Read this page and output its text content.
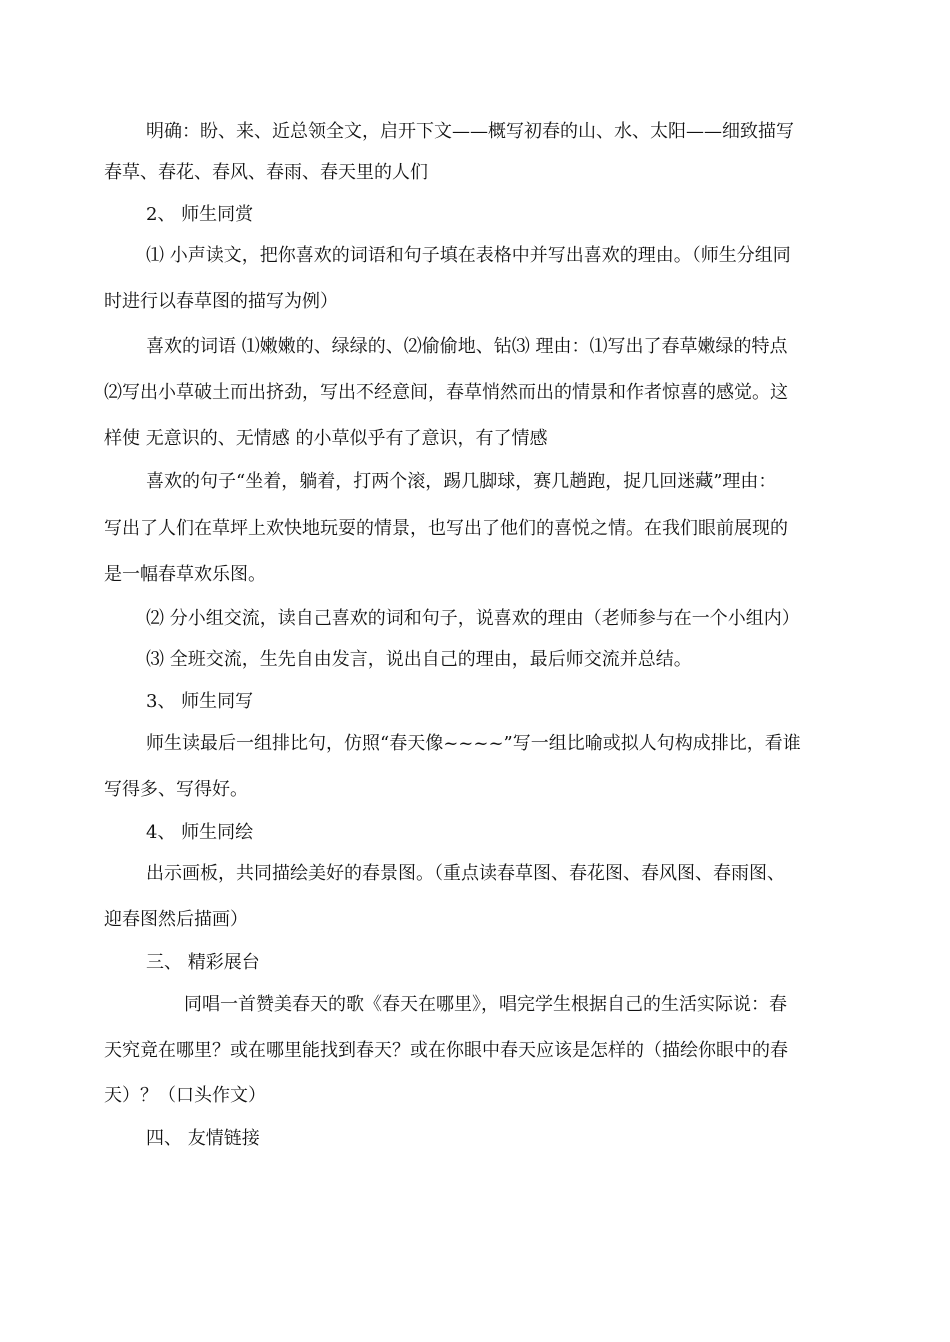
明确：盼、来、近总领全文，启开下文——概写初春的山、水、太阳——细致描写
春草、春花、春风、春雨、春天里的人们
2、 师生同赏
⑴ 小声读文，把你喜欢的词语和句子填在表格中并写出喜欢的理由。（师生分组同
时进行以春草图的描写为例）
喜欢的词语 ⑴嫩嫩的、绿绿的、⑵偷偷地、钻⑶ 理由：⑴写出了春草嫩绿的特点
⑵写出小草破土而出挤劲，写出不经意间，春草悄然而出的情景和作者惊喜的感觉。这
样使 无意识的、无情感 的小草似乎有了意识，有了情感
喜欢的句子“坐着，躺着，打两个滚，踢几脚球，赛几趟跑，捉几回迷藏”理由：
写出了人们在草坪上欢快地玩耍的情景，也写出了他们的喜悦之情。在我们眼前展现的
是一幅春草欢乐图。
⑵ 分小组交流，读自己喜欢的词和句子，说喜欢的理由（老师参与在一个小组内）
⑶ 全班交流，生先自由发言，说出自己的理由，最后师交流并总结。
3、 师生同写
师生读最后一组排比句，仿照“春天像~~~~”写一组比喻或拟人句构成排比，看谁
写得多、写得好。
4、 师生同绘
出示画板，共同描绘美好的春景图。（重点读春草图、春花图、春风图、春雨图、
迎春图然后描画）
三、 精彩展台
同唱一首赞美春天的歌《春天在哪里》，唱完学生根据自己的生活实际说：春
天究竟在哪里？或在哪里能找到春天？或在你眼中春天应该是怎样的（描绘你眼中的春
天）？（口头作文）
四、 友情链接
